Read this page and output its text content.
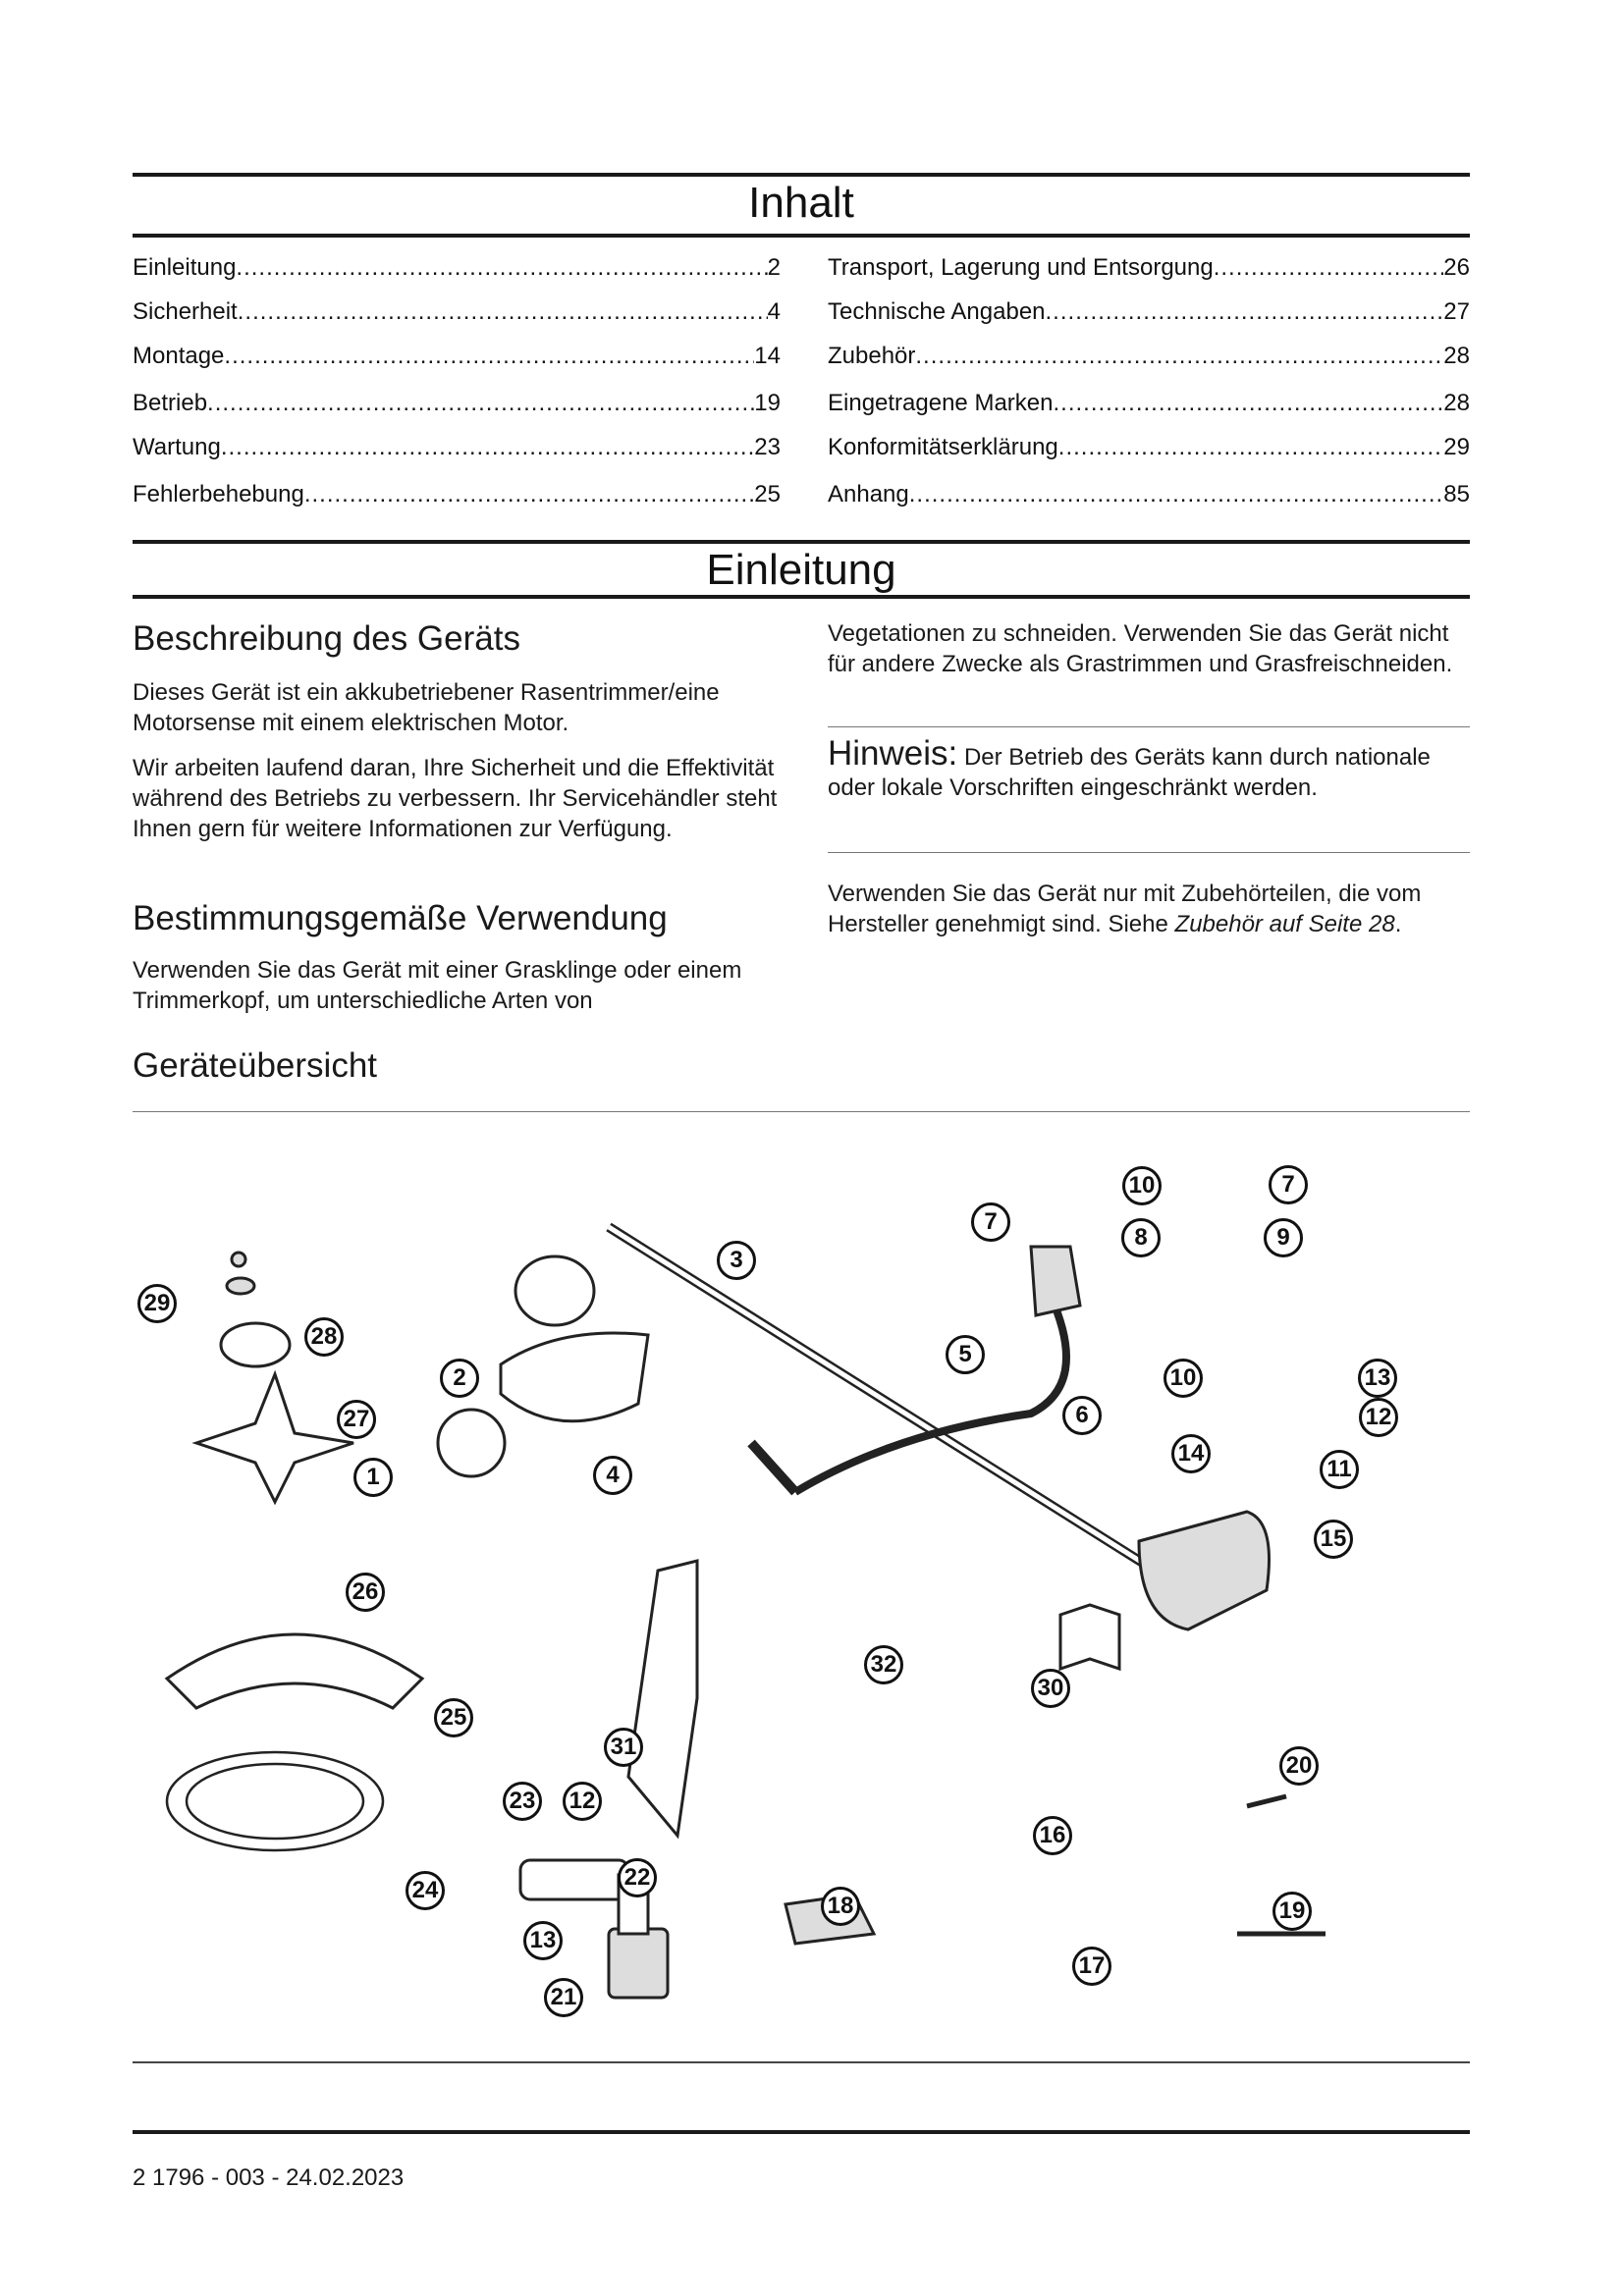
Inhalt
Einleitung .....	2
Sicherheit .....	4
Montage .....	14
Betrieb .....	19
Wartung .....	23
Fehlerbehebung .....	25
Transport, Lagerung und Entsorgung .....	26
Technische Angaben .....	27
Zubehör .....	28
Eingetragene Marken .....	28
Konformitätserklärung .....	29
Anhang .....	85
Einleitung
Beschreibung des Geräts
Dieses Gerät ist ein akkubetriebener Rasentrimmer/eine Motorsense mit einem elektrischen Motor.
Wir arbeiten laufend daran, Ihre Sicherheit und die Effektivität während des Betriebs zu verbessern. Ihr Servicehändler steht Ihnen gern für weitere Informationen zur Verfügung.
Bestimmungsgemäße Verwendung
Verwenden Sie das Gerät mit einer Grasklinge oder einem Trimmerkopf, um unterschiedliche Arten von
Vegetationen zu schneiden. Verwenden Sie das Gerät nicht für andere Zwecke als Grastrimmen und Grasfreischneiden.
Hinweis: Der Betrieb des Geräts kann durch nationale oder lokale Vorschriften eingeschränkt werden.
Verwenden Sie das Gerät nur mit Zubehörteilen, die vom Hersteller genehmigt sind. Siehe Zubehör auf Seite 28.
Geräteübersicht
1
2
3
4
5
6
7
7
8	9
10
10
11
12
12
13
13
14
15
16
17
18	19
20
21
22
23
24
25
26
27
28
29
30
31
32
2 1796 - 003 - 24.02.2023
